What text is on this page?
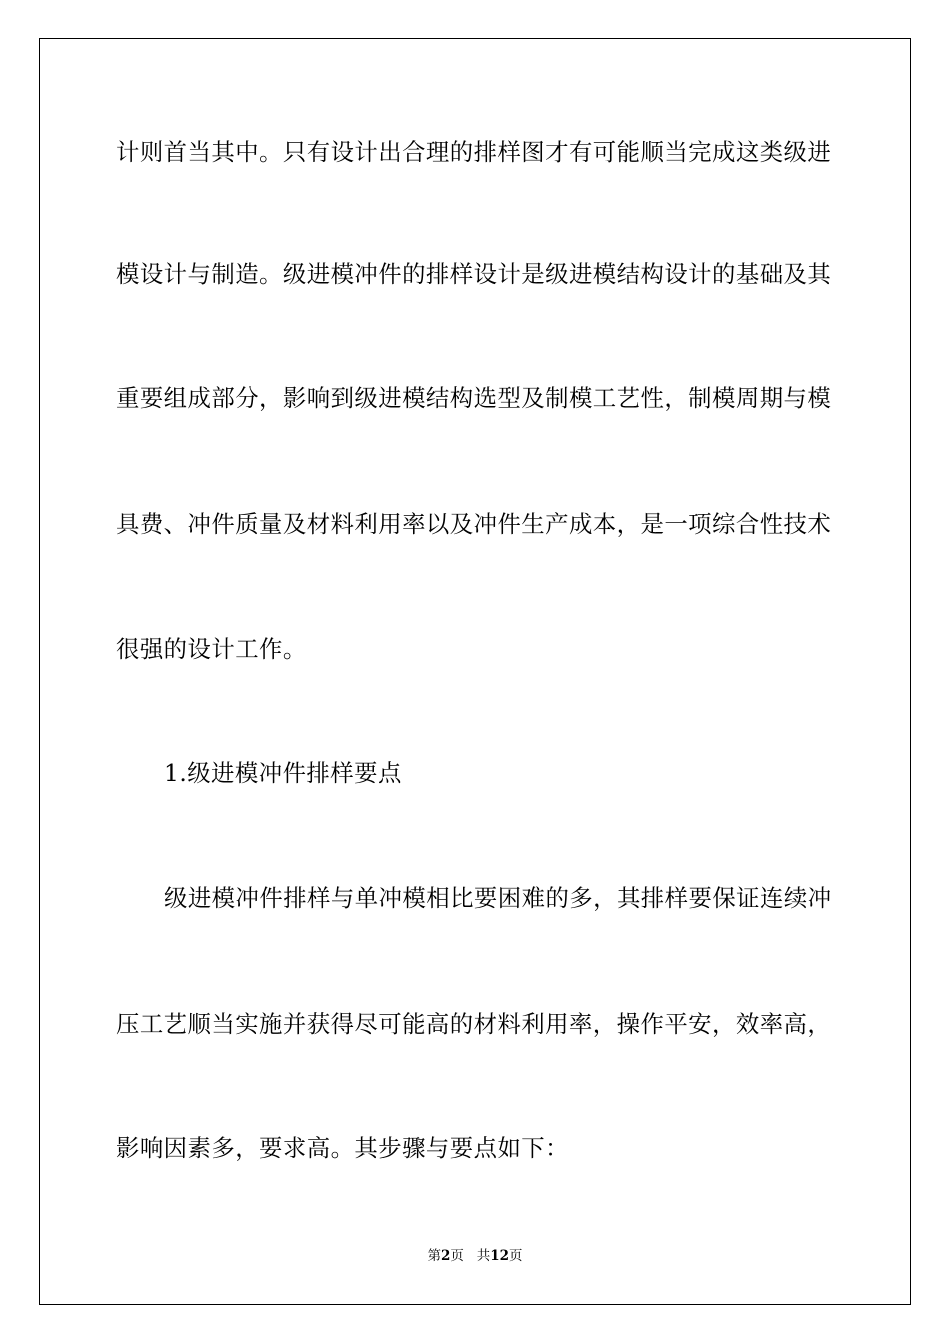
计则首当其中。只有设计出合理的排样图才有可能顺当完成这类级进
模设计与制造。级进模冲件的排样设计是级进模结构设计的基础及其
重要组成部分，影响到级进模结构选型及制模工艺性，制模周期与模
具费、冲件质量及材料利用率以及冲件生产成本，是一项综合性技术
很强的设计工作。
1.级进模冲件排样要点
级进模冲件排样与单冲模相比要困难的多，其排样要保证连续冲
压工艺顺当实施并获得尽可能高的材料利用率，操作平安，效率高，
影响因素多，要求高。其步骤与要点如下：
第2页 共12页
